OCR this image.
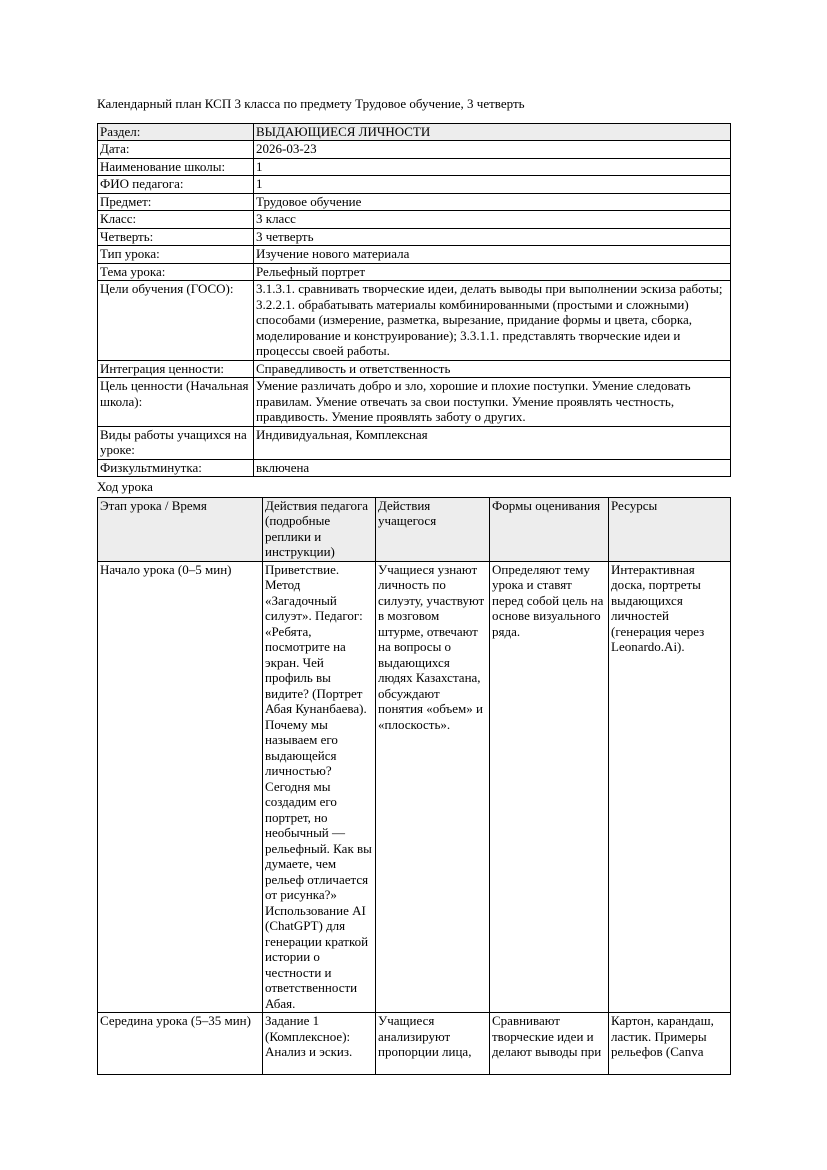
Календарный план КСП 3 класса по предмету Трудовое обучение, 3 четверть

Раздел:	ВЫДАЮЩИЕСЯ ЛИЧНОСТИ
Дата:	2026-03-23
Наименование школы:	1
ФИО педагога:	1
Предмет:	Трудовое обучение
Класс:	3 класс
Четверть:	3 четверть
Тип урока:	Изучение нового материала
Тема урока:	Рельефный портрет
Цели обучения (ГОСО):	3.1.3.1. сравнивать творческие идеи, делать выводы при выполнении эскиза работы; 3.2.2.1. обрабатывать материалы комбинированными (простыми и сложными) способами (измерение, разметка, вырезание, придание формы и цвета, сборка, моделирование и конструирование); 3.3.1.1. представлять творческие идеи и процессы своей работы.
Интеграция ценности:	Справедливость и ответственность
Цель ценности (Начальная школа):	Умение различать добро и зло, хорошие и плохие поступки. Умение следовать правилам. Умение отвечать за свои поступки. Умение проявлять честность, правдивость. Умение проявлять заботу о других.
Виды работы учащихся на уроке:	Индивидуальная, Комплексная
Физкультминутка:	включена

Ход урока

Этап урока / Время	Действия педагога (подробные реплики и инструкции)	Действия учащегося	Формы оценивания	Ресурсы
Начало урока (0–5 мин)	Приветствие. Метод «Загадочный силуэт». Педагог: «Ребята, посмотрите на экран. Чей профиль вы видите? (Портрет Абая Кунанбаева). Почему мы называем его выдающейся личностью? Сегодня мы создадим его портрет, но необычный — рельефный. Как вы думаете, чем рельеф отличается от рисунка?» Использование AI (ChatGPT) для генерации краткой истории о честности и ответственности Абая.	Учащиеся узнают личность по силуэту, участвуют в мозговом штурме, отвечают на вопросы о выдающихся людях Казахстана, обсуждают понятия «объем» и «плоскость».	Определяют тему урока и ставят перед собой цель на основе визуального ряда.	Интерактивная доска, портреты выдающихся личностей (генерация через Leonardo.Ai).
Середина урока (5–35 мин)	Задание 1 (Комплексное): Анализ и эскиз.	Учащиеся анализируют пропорции лица,	Сравнивают творческие идеи и делают выводы при	Картон, карандаш, ластик. Примеры рельефов (Canva
